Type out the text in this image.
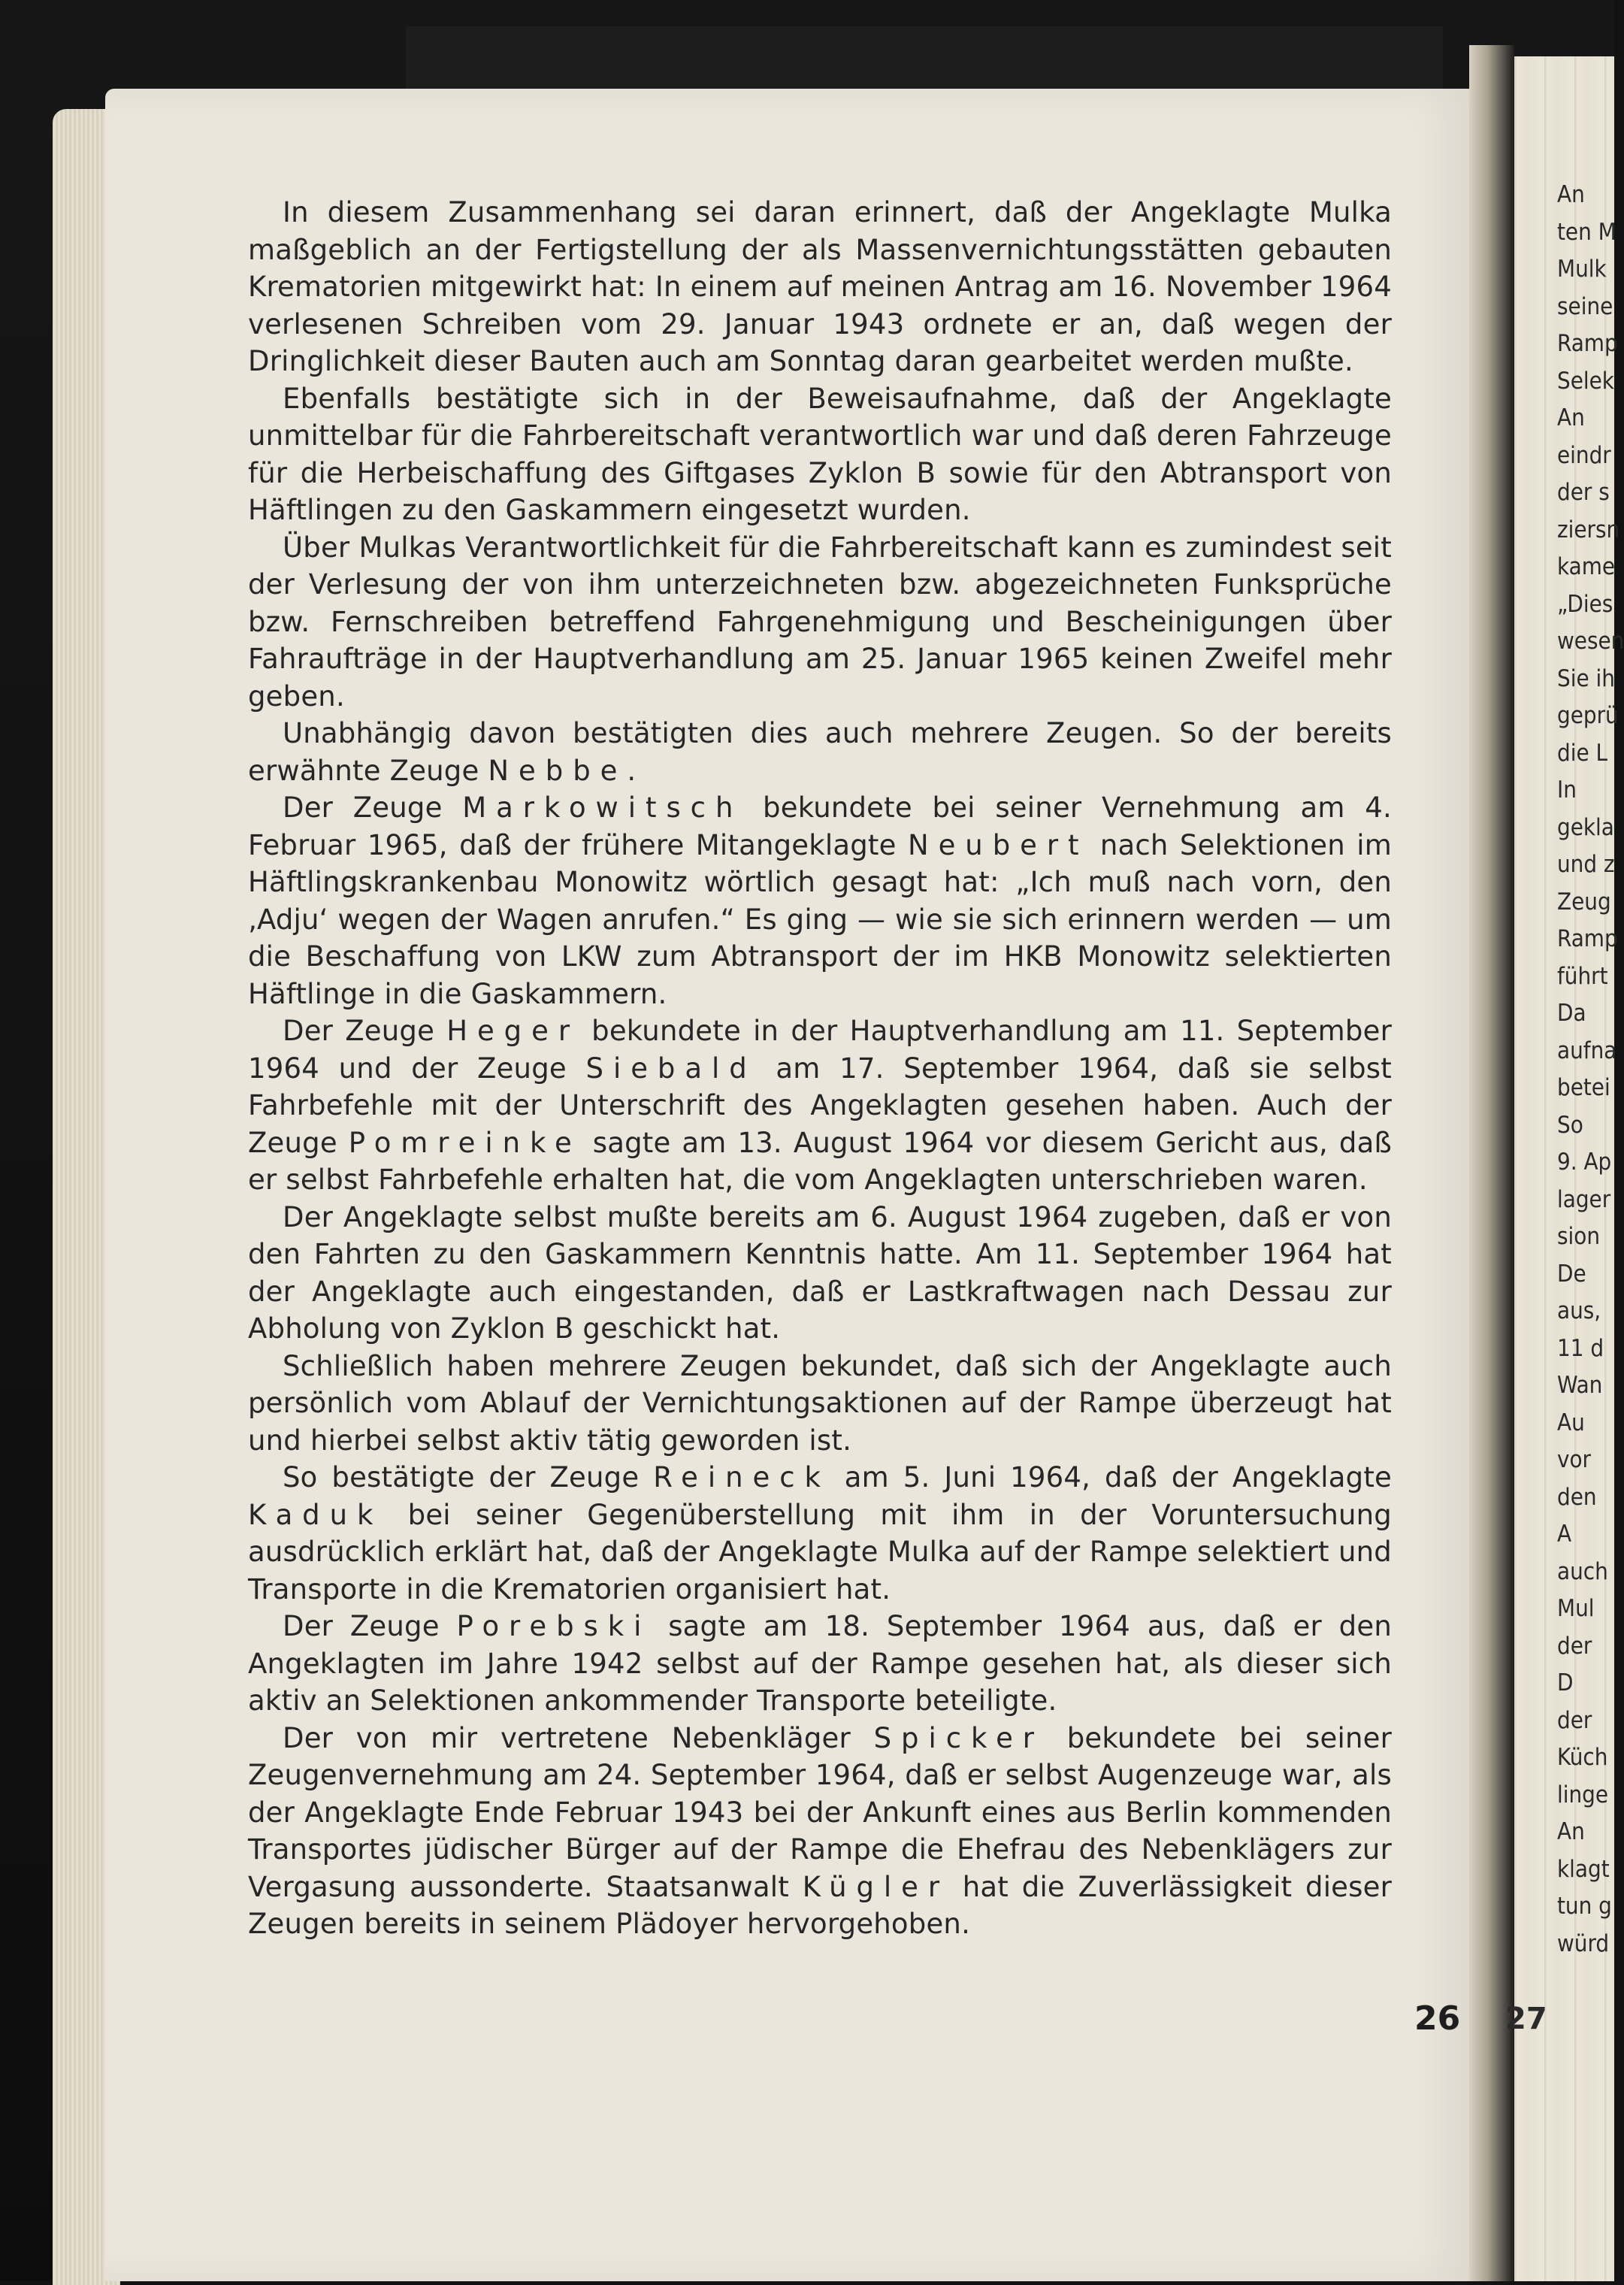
In diesem Zusammenhang sei daran erinnert, daß der Angeklagte Mulka maßgeblich an der Fertigstellung der als Massenvernichtungsstätten gebauten Krematorien mitgewirkt hat: In einem auf meinen Antrag am 16. November 1964 verlesenen Schreiben vom 29. Januar 1943 ordnete er an, daß wegen der Dringlichkeit dieser Bauten auch am Sonntag daran gearbeitet werden mußte.

Ebenfalls bestätigte sich in der Beweisaufnahme, daß der Angeklagte unmittelbar für die Fahrbereitschaft verantwortlich war und daß deren Fahrzeuge für die Herbeischaffung des Giftgases Zyklon B sowie für den Abtransport von Häftlingen zu den Gaskammern eingesetzt wurden.

Über Mulkas Verantwortlichkeit für die Fahrbereitschaft kann es zumindest seit der Verlesung der von ihm unterzeichneten bzw. abgezeichneten Funksprüche bzw. Fernschreiben betreffend Fahrgenehmigung und Bescheinigungen über Fahraufträge in der Hauptverhandlung am 25. Januar 1965 keinen Zweifel mehr geben.

Unabhängig davon bestätigten dies auch mehrere Zeugen. So der bereits erwähnte Zeuge Nebbe.

Der Zeuge Markowitsch bekundete bei seiner Vernehmung am 4. Februar 1965, daß der frühere Mitangeklagte Neubert nach Selektionen im Häftlingskrankenbau Monowitz wörtlich gesagt hat: „Ich muß nach vorn, den ‚Adju‘ wegen der Wagen anrufen.“ Es ging — wie sie sich erinnern werden — um die Beschaffung von LKW zum Abtransport der im HKB Monowitz selektierten Häftlinge in die Gaskammern.

Der Zeuge Heger bekundete in der Hauptverhandlung am 11. September 1964 und der Zeuge Siebald am 17. September 1964, daß sie selbst Fahrbefehle mit der Unterschrift des Angeklagten gesehen haben. Auch der Zeuge Pomreinke sagte am 13. August 1964 vor diesem Gericht aus, daß er selbst Fahrbefehle erhalten hat, die vom Angeklagten unterschrieben waren.

Der Angeklagte selbst mußte bereits am 6. August 1964 zugeben, daß er von den Fahrten zu den Gaskammern Kenntnis hatte. Am 11. September 1964 hat der Angeklagte auch eingestanden, daß er Lastkraftwagen nach Dessau zur Abholung von Zyklon B geschickt hat.

Schließlich haben mehrere Zeugen bekundet, daß sich der Angeklagte auch persönlich vom Ablauf der Vernichtungsaktionen auf der Rampe überzeugt hat und hierbei selbst aktiv tätig geworden ist.

So bestätigte der Zeuge Reineck am 5. Juni 1964, daß der Angeklagte Kaduk bei seiner Gegenüberstellung mit ihm in der Voruntersuchung ausdrücklich erklärt hat, daß der Angeklagte Mulka auf der Rampe selektiert und Transporte in die Krematorien organisiert hat.

Der Zeuge Porebski sagte am 18. September 1964 aus, daß er den Angeklagten im Jahre 1942 selbst auf der Rampe gesehen hat, als dieser sich aktiv an Selektionen ankommender Transporte beteiligte.

Der von mir vertretene Nebenkläger Spicker bekundete bei seiner Zeugenvernehmung am 24. September 1964, daß er selbst Augenzeuge war, als der Angeklagte Ende Februar 1943 bei der Ankunft eines aus Berlin kommenden Transportes jüdischer Bürger auf der Rampe die Ehefrau des Nebenklägers zur Vergasung aussonderte. Staatsanwalt Kügler hat die Zuverlässigkeit dieser Zeugen bereits in seinem Plädoyer hervorgehoben.

26 27
An
ten M
Mulk
seine
Ramp
Selek
An
eindr
der s
ziersn
kame
„Dies
wesen
Sie ih
geprü
die L
In
gekla
und z
Zeug
Ramp
führt
Da
aufna
betei
So
9. Ap
lager
sion
De
aus,
11 d
Wan
Au
vor
den
A
auch
Mul
der
D
der
Küch
linge
An
klagt
tun g
würd
